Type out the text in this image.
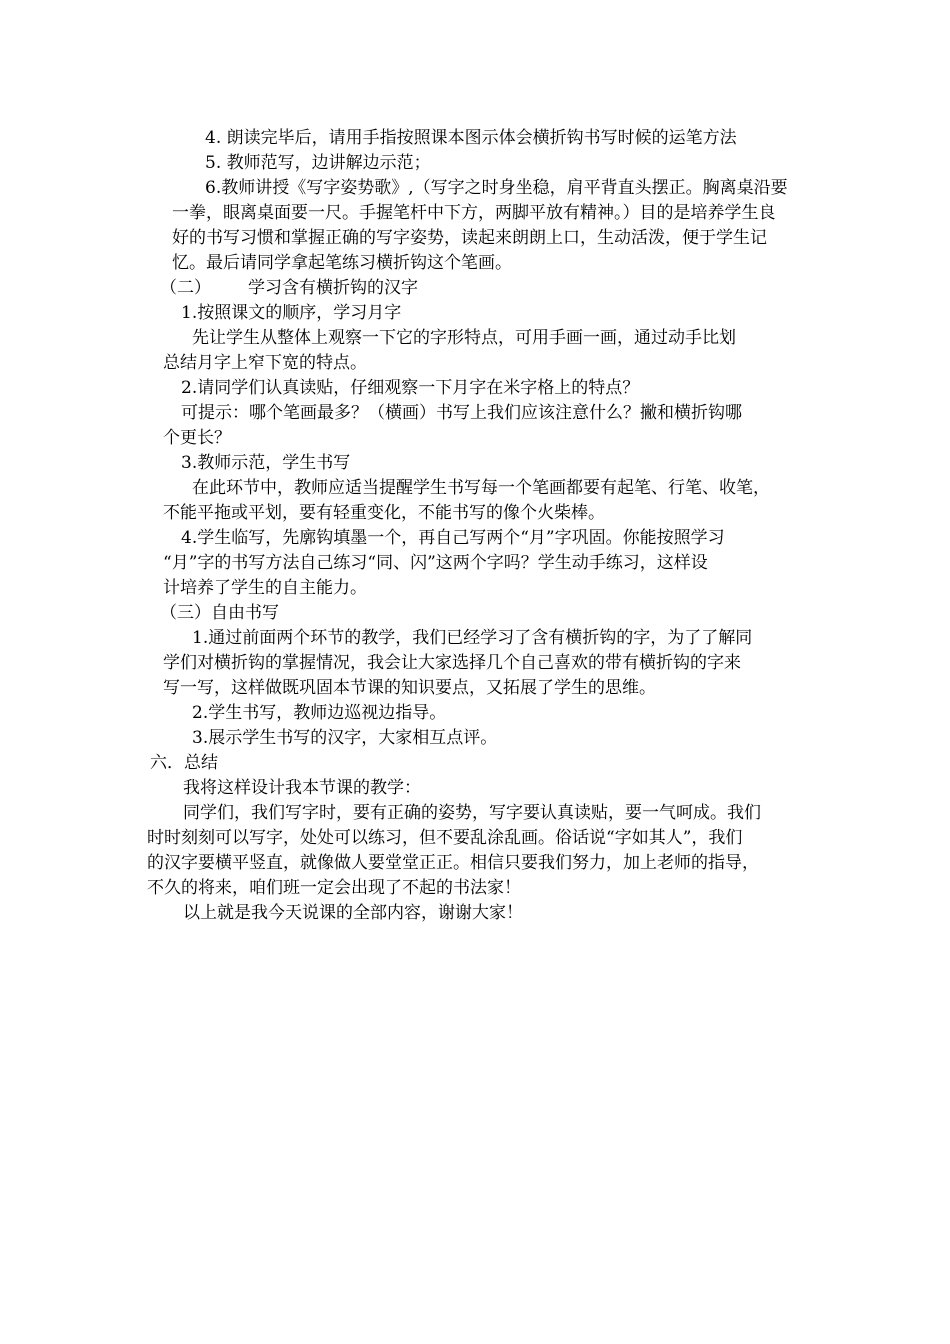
4. 朗读完毕后，请用手指按照课本图示体会横折钩书写时候的运笔方法
5. 教师范写，边讲解边示范；
6.教师讲授《写字姿势歌》,（写字之时身坐稳，肩平背直头摆正。胸离桌沿要
一拳，眼离桌面要一尺。手握笔杆中下方，两脚平放有精神。）目的是培养学生良
好的书写习惯和掌握正确的写字姿势，读起来朗朗上口，生动活泼，便于学生记
忆。最后请同学拿起笔练习横折钩这个笔画。
（二） 学习含有横折钩的汉字
1.按照课文的顺序，学习月字
先让学生从整体上观察一下它的字形特点，可用手画一画，通过动手比划
总结月字上窄下宽的特点。
2.请同学们认真读贴，仔细观察一下月字在米字格上的特点？
可提示：哪个笔画最多？（横画）书写上我们应该注意什么？撇和横折钩哪
个更长？
3.教师示范，学生书写
在此环节中，教师应适当提醒学生书写每一个笔画都要有起笔、行笔、收笔，
不能平拖或平划，要有轻重变化，不能书写的像个火柴棒。
4.学生临写，先廓钩填墨一个，再自己写两个“月”字巩固。你能按照学习
“月”字的书写方法自己练习“同、闪”这两个字吗？学生动手练习，这样设
计培养了学生的自主能力。
（三）自由书写
1.通过前面两个环节的教学，我们已经学习了含有横折钩的字，为了了解同
学们对横折钩的掌握情况，我会让大家选择几个自己喜欢的带有横折钩的字来
写一写，这样做既巩固本节课的知识要点，又拓展了学生的思维。
2.学生书写，教师边巡视边指导。
3.展示学生书写的汉字，大家相互点评。
六．总结
我将这样设计我本节课的教学：
同学们，我们写字时，要有正确的姿势，写字要认真读贴，要一气呵成。我们
时时刻刻可以写字，处处可以练习，但不要乱涂乱画。俗话说“字如其人”，我们
的汉字要横平竖直，就像做人要堂堂正正。相信只要我们努力，加上老师的指导，
不久的将来，咱们班一定会出现了不起的书法家！
以上就是我今天说课的全部内容，谢谢大家！
